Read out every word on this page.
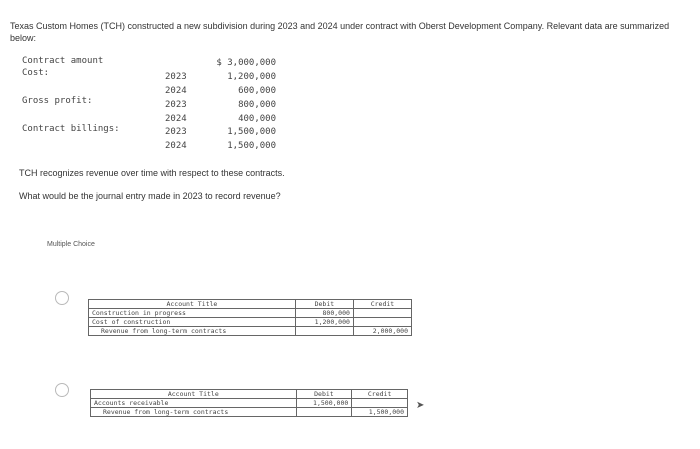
Texas Custom Homes (TCH) constructed a new subdivision during 2023 and 2024 under contract with Oberst Development Company. Relevant data are summarized below:
Contract amount	$ 3,000,000
Cost:	2023	1,200,000
2024	600,000
Gross profit:	2023	800,000
2024	400,000
Contract billings:	2023	1,500,000
2024	1,500,000
TCH recognizes revenue over time with respect to these contracts.
What would be the journal entry made in 2023 to record revenue?
Multiple Choice
Account Title	Debit	Credit
Construction in progress	800,000	
Cost of construction	1,200,000	
Revenue from long-term contracts		2,000,000
Account Title	Debit	Credit
Accounts receivable	1,500,000	
Revenue from long-term contracts		1,500,000
➤
